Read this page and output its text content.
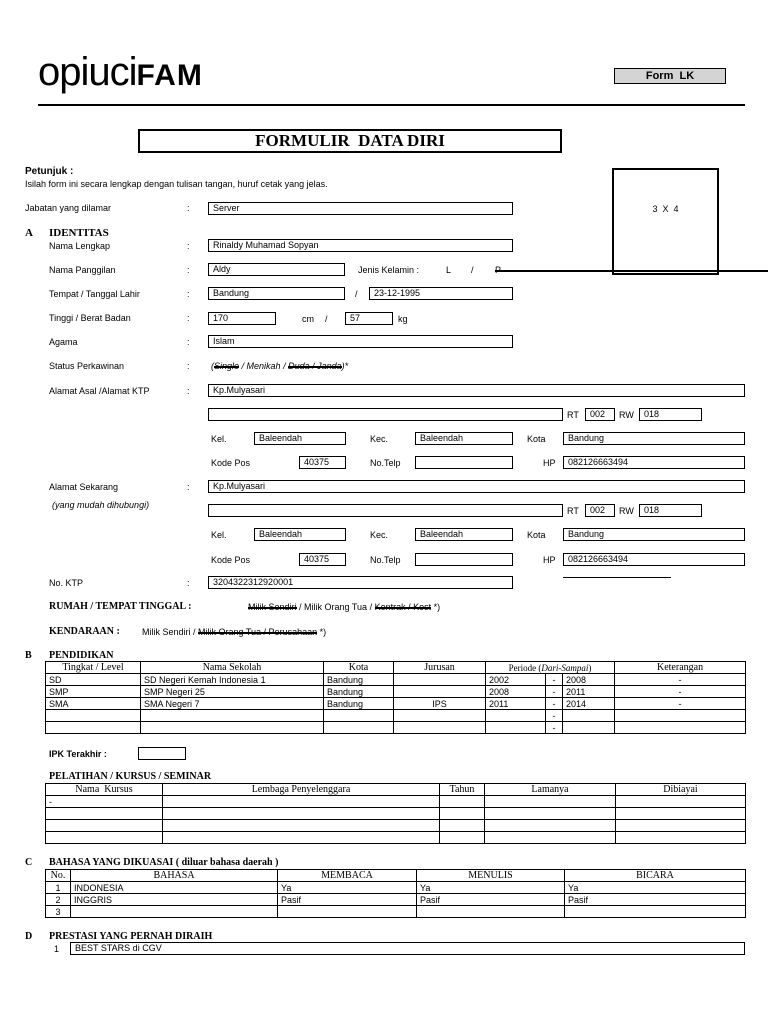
opiuciFAM	Form  LK
FORMULIR  DATA DIRI
Petunjuk :
Isilah form ini secara lengkap dengan tulisan tangan, huruf cetak yang jelas.
3  X  4
Jabatan yang dilamar	:	Server
A IDENTITAS
Nama Lengkap	:	Rinaldy Muhamad Sopyan
Nama Panggilan	:	Aldy	Jenis Kelamin :	L / P
Tempat / Tanggal Lahir	:	Bandung	/	23-12-1995
Tinggi / Berat Badan	:	170	cm /	57	kg
Agama	:	Islam
Status Perkawinan	: (Single / Menikah / Duda / Janda)*
Alamat Asal /Alamat KTP	:	Kp.Mulyasari
RT	002	RW	018
Kel.	Baleendah	Kec.	Baleendah	Kota	Bandung
Kode Pos	40375	No.Telp	HP	082126663494
Alamat Sekarang	:
(yang mudah dihubungi)
Kp.Mulyasari
RT	002	RW	018
Kel.	Baleendah	Kec.	Baleendah	Kota	Bandung
Kode Pos	40375	No.Telp	HP	082126663494
No. KTP	:	3204322312920001
RUMAH / TEMPAT TINGGAL :	Milik Sendiri / Milik Orang Tua / Kontrak / Kost *)
KENDARAAN : Milik Sendiri / Milik Orang Tua / Perusahaan *)
B PENDIDIKAN
Tingkat / Level	Nama Sekolah	Kota	Jurusan	Periode (Dari-Sampai)			Keterangan
SD	SD Negeri Kemah Indonesia 1	Bandung		2002	-	2008	-
SMP	SMP Negeri 25	Bandung		2008	-	2011	-
SMA	SMA Negeri 7	Bandung	IPS	2011	-	2014	-
					-		
					-		
IPK Terakhir :
PELATIHAN / KURSUS / SEMINAR
Nama  Kursus	Lembaga Penyelenggara	Tahun	Lamanya	Dibiayai
-				

C BAHASA YANG DIKUASAI ( diluar bahasa daerah )
No.	BAHASA	MEMBACA	MENULIS	BICARA
1	INDONESIA	Ya	Ya	Ya
2	INGGRIS	Pasif	Pasif	Pasif
3				
D PRESTASI YANG PERNAH DIRAIH
1	BEST STARS di CGV
